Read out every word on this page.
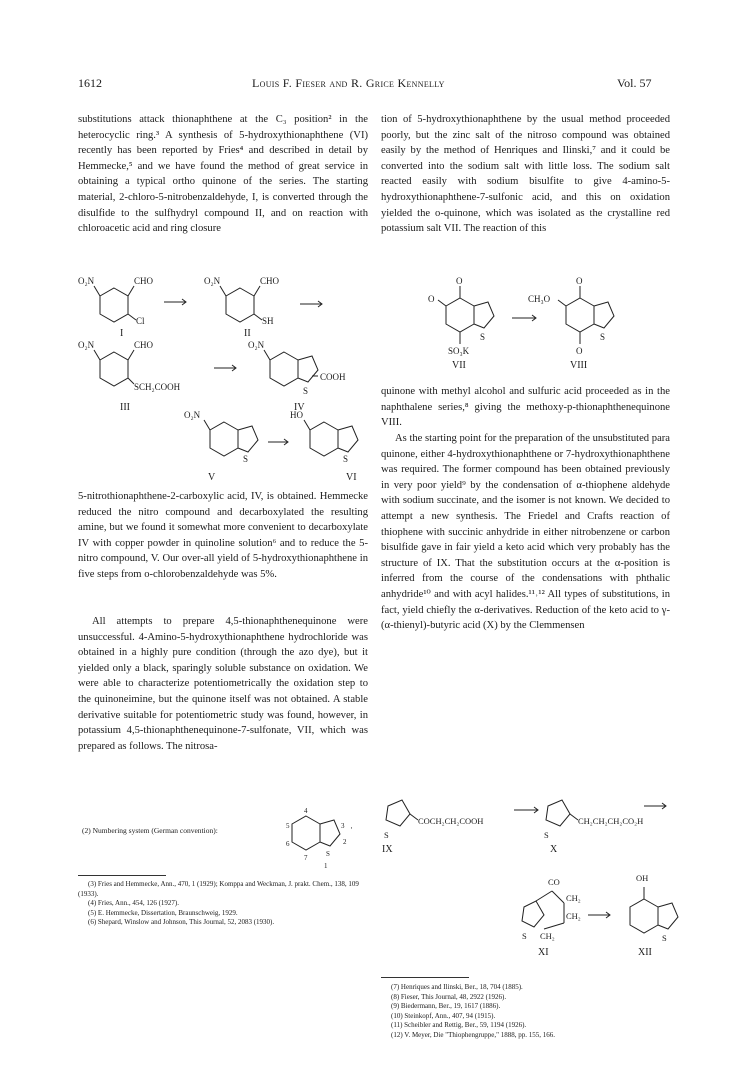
1612	Louis F. Fieser and R. Grice Kennelly	Vol. 57

substitutions attack thionaphthene at the C₃ position² in the heterocyclic ring.³ A synthesis of 5-hydroxythionaphthene (VI) recently has been reported by Fries⁴ and described in detail by Hemmecke,⁵ and we have found the method of great service in obtaining a typical ortho quinone of the series. The starting material, 2-chloro-5-nitrobenzaldehyde, I, is converted through the disulfide to the sulfhydryl compound II, and on reaction with chloroacetic acid and ring closure

O₂N	CHO
Cl
O₂N	CHO
SH
O₂N	CHO
SCH₂COOH
O₂N
COOH
S
O₂N
S
HO
S
I	II
III	IV
V	VI

5-nitrothionaphthene-2-carboxylic acid, IV, is obtained. Hemmecke reduced the nitro compound and decarboxylated the resulting amine, but we found it somewhat more convenient to decarboxylate IV with copper powder in quinoline solution⁶ and to reduce the 5-nitro compound, V. Our over-all yield of 5-hydroxythionaphthene in five steps from o-chlorobenzaldehyde was 5%.

All attempts to prepare 4,5-thionaphthenequinone were unsuccessful. 4-Amino-5-hydroxythionaphthene hydrochloride was obtained in a highly pure condition (through the azo dye), but it yielded only a black, sparingly soluble substance on oxidation. We were able to characterize potentiometrically the oxidation step to the quinoneimine, but the quinone itself was not obtained. A stable derivative suitable for potentiometric study was found, however, in potassium 4,5-thionaphthenequinone-7-sulfonate, VII, which was prepared as follows. The nitrosa-

(2) Numbering system (German convention):
4
5
6
7
1
2
3
S
·
(3) Fries and Hemmecke, Ann., 470, 1 (1929); Komppa and Weckman, J. prakt. Chem., 138, 109 (1933).
(4) Fries, Ann., 454, 126 (1927).
(5) E. Hemmecke, Dissertation, Braunschweig, 1929.
(6) Shepard, Winslow and Johnson, This Journal, 52, 2083 (1930).

tion of 5-hydroxythionaphthene by the usual method proceeded poorly, but the zinc salt of the nitroso compound was obtained easily by the method of Henriques and Ilinski,⁷ and it could be converted into the sodium salt with little loss. The sodium salt reacted easily with sodium bisulfite to give 4-amino-5-hydroxythionaphthene-7-sulfonic acid, and this on oxidation yielded the o-quinone, which was isolated as the crystalline red potassium salt VII. The reaction of this

O
O
S
SO₃K
O
CH₃O
S
O
VII	VIII

quinone with methyl alcohol and sulfuric acid proceeded as in the naphthalene series,⁸ giving the methoxy-p-thionaphthenequinone VIII.

As the starting point for the preparation of the unsubstituted para quinone, either 4-hydroxythionaphthene or 7-hydroxythionaphthene was required. The former compound has been obtained previously in very poor yield⁹ by the condensation of α-thiophene aldehyde with sodium succinate, and the isomer is not known. We decided to attempt a new synthesis. The Friedel and Crafts reaction of thiophene with succinic anhydride in either nitrobenzene or carbon bisulfide gave in fair yield a keto acid which very probably has the structure of IX. That the substitution occurs at the α-position is inferred from the course of the condensations with phthalic anhydride¹⁰ and with acyl halides.¹¹˒¹² All types of substitutions, in fact, yield chiefly the α-derivatives. Reduction of the keto acid to γ-(α-thienyl)-butyric acid (X) by the Clemmensen

COCH₂CH₂COOH
S
CH₂CH₂CH₂CO₂H
S
IX	X
CO
CH₂
CH₂
S CH₂
OH
S
XI	XII
(7) Henriques and Ilinski, Ber., 18, 704 (1885).
(8) Fieser, This Journal, 48, 2922 (1926).
(9) Biedermann, Ber., 19, 1617 (1886).
(10) Steinkopf, Ann., 407, 94 (1915).
(11) Scheibler and Rettig, Ber., 59, 1194 (1926).
(12) V. Meyer, Die "Thiophengruppe," 1888, pp. 155, 166.
